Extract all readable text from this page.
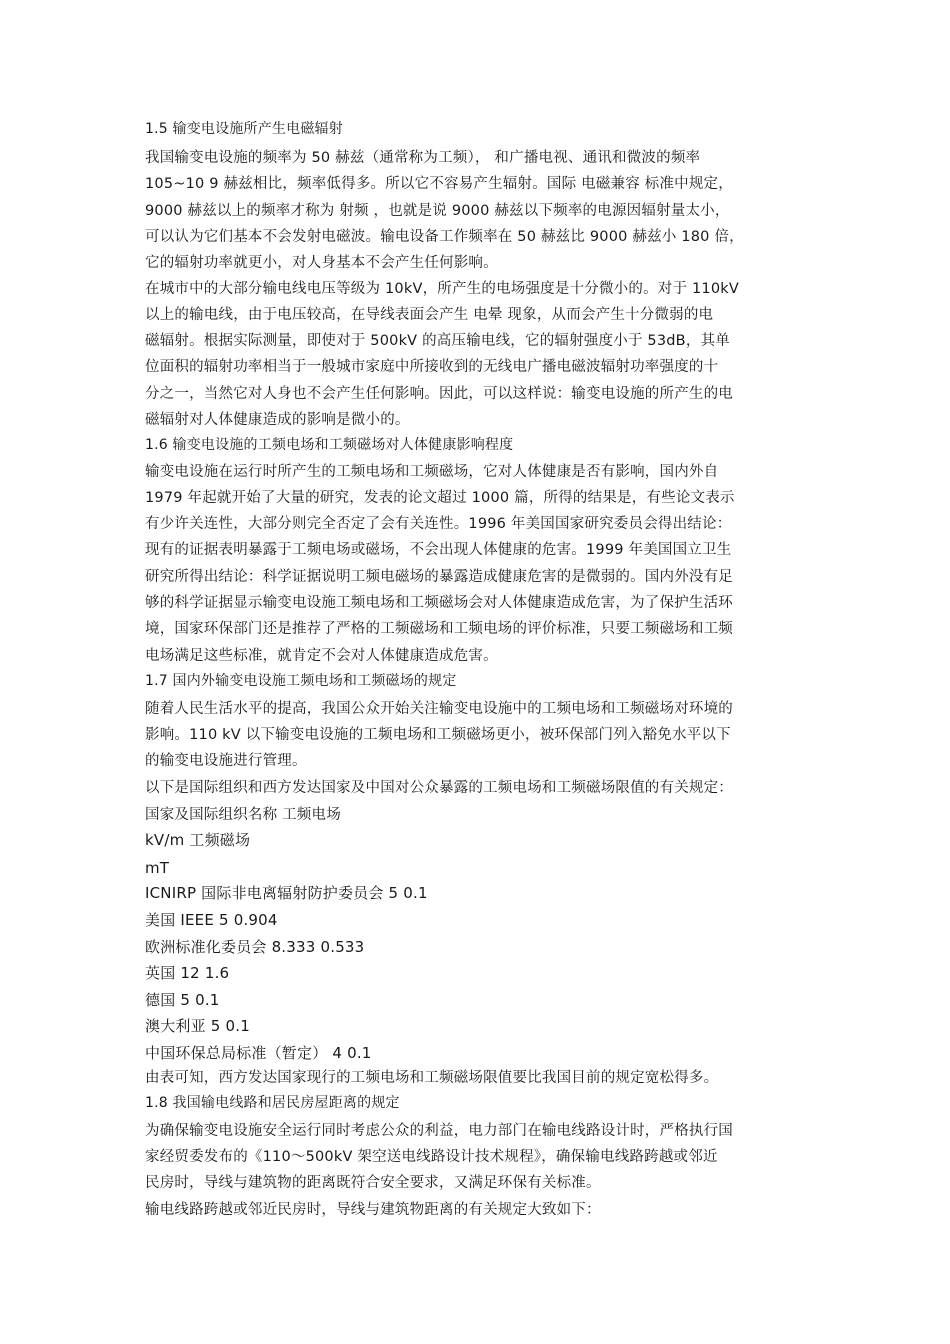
1.5 输变电设施所产生电磁辐射
我国输变电设施的频率为 50 赫兹（通常称为工频）， 和广播电视、通讯和微波的频率
105~10 9 赫兹相比，频率低得多。所以它不容易产生辐射。国际 电磁兼容 标准中规定，
9000 赫兹以上的频率才称为 射频 ，也就是说 9000 赫兹以下频率的电源因辐射量太小，
可以认为它们基本不会发射电磁波。输电设备工作频率在 50 赫兹比 9000 赫兹小 180 倍，
它的辐射功率就更小，对人身基本不会产生任何影响。
在城市中的大部分输电线电压等级为 10kV，所产生的电场强度是十分微小的。对于 110kV
以上的输电线，由于电压较高，在导线表面会产生 电晕 现象，从而会产生十分微弱的电
磁辐射。根据实际测量，即使对于 500kV 的高压输电线，它的辐射强度小于 53dB，其单
位面积的辐射功率相当于一般城市家庭中所接收到的无线电广播电磁波辐射功率强度的十
分之一，当然它对人身也不会产生任何影响。因此，可以这样说：输变电设施的所产生的电
磁辐射对人体健康造成的影响是微小的。
1.6 输变电设施的工频电场和工频磁场对人体健康影响程度
输变电设施在运行时所产生的工频电场和工频磁场，它对人体健康是否有影响，国内外自
1979 年起就开始了大量的研究，发表的论文超过 1000 篇，所得的结果是，有些论文表示
有少许关连性，大部分则完全否定了会有关连性。1996 年美国国家研究委员会得出结论：
现有的证据表明暴露于工频电场或磁场，不会出现人体健康的危害。1999 年美国国立卫生
研究所得出结论：科学证据说明工频电磁场的暴露造成健康危害的是微弱的。国内外没有足
够的科学证据显示输变电设施工频电场和工频磁场会对人体健康造成危害，为了保护生活环
境，国家环保部门还是推荐了严格的工频磁场和工频电场的评价标准，只要工频磁场和工频
电场满足这些标准，就肯定不会对人体健康造成危害。
1.7 国内外输变电设施工频电场和工频磁场的规定
随着人民生活水平的提高，我国公众开始关注输变电设施中的工频电场和工频磁场对环境的
影响。110 kV 以下输变电设施的工频电场和工频磁场更小，被环保部门列入豁免水平以下
的输变电设施进行管理。
以下是国际组织和西方发达国家及中国对公众暴露的工频电场和工频磁场限值的有关规定：
国家及国际组织名称 工频电场
kV/m 工频磁场
mT
ICNIRP 国际非电离辐射防护委员会 5 0.1
美国 IEEE 5 0.904
欧洲标准化委员会 8.333 0.533
英国 12 1.6
德国 5 0.1
澳大利亚 5 0.1
中国环保总局标准（暂定） 4 0.1
由表可知，西方发达国家现行的工频电场和工频磁场限值要比我国目前的规定宽松得多。
1.8 我国输电线路和居民房屋距离的规定
为确保输变电设施安全运行同时考虑公众的利益，电力部门在输电线路设计时，严格执行国
家经贸委发布的《110～500kV 架空送电线路设计技术规程》，确保输电线路跨越或邻近
民房时，导线与建筑物的距离既符合安全要求，又满足环保有关标准。
输电线路跨越或邻近民房时，导线与建筑物距离的有关规定大致如下：
